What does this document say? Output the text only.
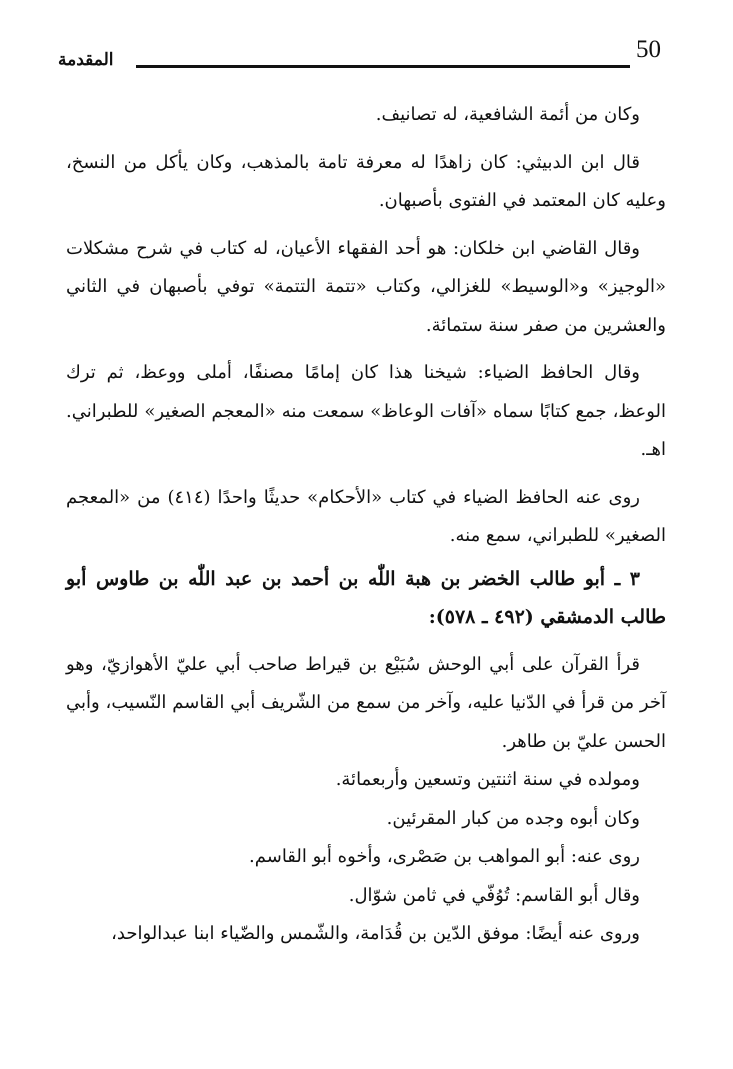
50
المقدمة

وكان من أئمة الشافعية، له تصانيف.

قال ابن الدبيثي: كان زاهدًا له معرفة تامة بالمذهب، وكان يأكل من النسخ، وعليه كان المعتمد في الفتوى بأصبهان.

وقال القاضي ابن خلكان: هو أحد الفقهاء الأعيان، له كتاب في شرح مشكلات «الوجيز» و«الوسيط» للغزالي، وكتاب «تتمة التتمة» توفي بأصبهان في الثاني والعشرين من صفر سنة ستمائة.

وقال الحافظ الضياء: شيخنا هذا كان إمامًا مصنفًا، أملى ووعظ، ثم ترك الوعظ، جمع كتابًا سماه «آفات الوعاظ» سمعت منه «المعجم الصغير» للطبراني. اهـ.

روى عنه الحافظ الضياء في كتاب «الأحكام» حديثًا واحدًا (٤١٤) من «المعجم الصغير» للطبراني، سمع منه.

٣ ـ أبو طالب الخضر بن هبة اللّٰه بن أحمد بن عبد اللّٰه بن طاوس أبو طالب الدمشقي (٤٩٢ ـ ٥٧٨):

قرأ القرآن على أبي الوحش سُبَيْع بن قيراط صاحب أبي عليّ الأهوازيّ، وهو آخر من قرأ في الدّنيا عليه، وآخر من سمع من الشّريف أبي القاسم النّسيب، وأبي الحسن عليّ بن طاهر.

ومولده في سنة اثنتين وتسعين وأربعمائة.

وكان أبوه وجده من كبار المقرئين.

روى عنه: أبو المواهب بن صَصْرى، وأخوه أبو القاسم.

وقال أبو القاسم: تُوُفّي في ثامن شوّال.

وروى عنه أيضًا: موفق الدّين بن قُدَامة، والشّمس والضّياء ابنا عبدالواحد،
